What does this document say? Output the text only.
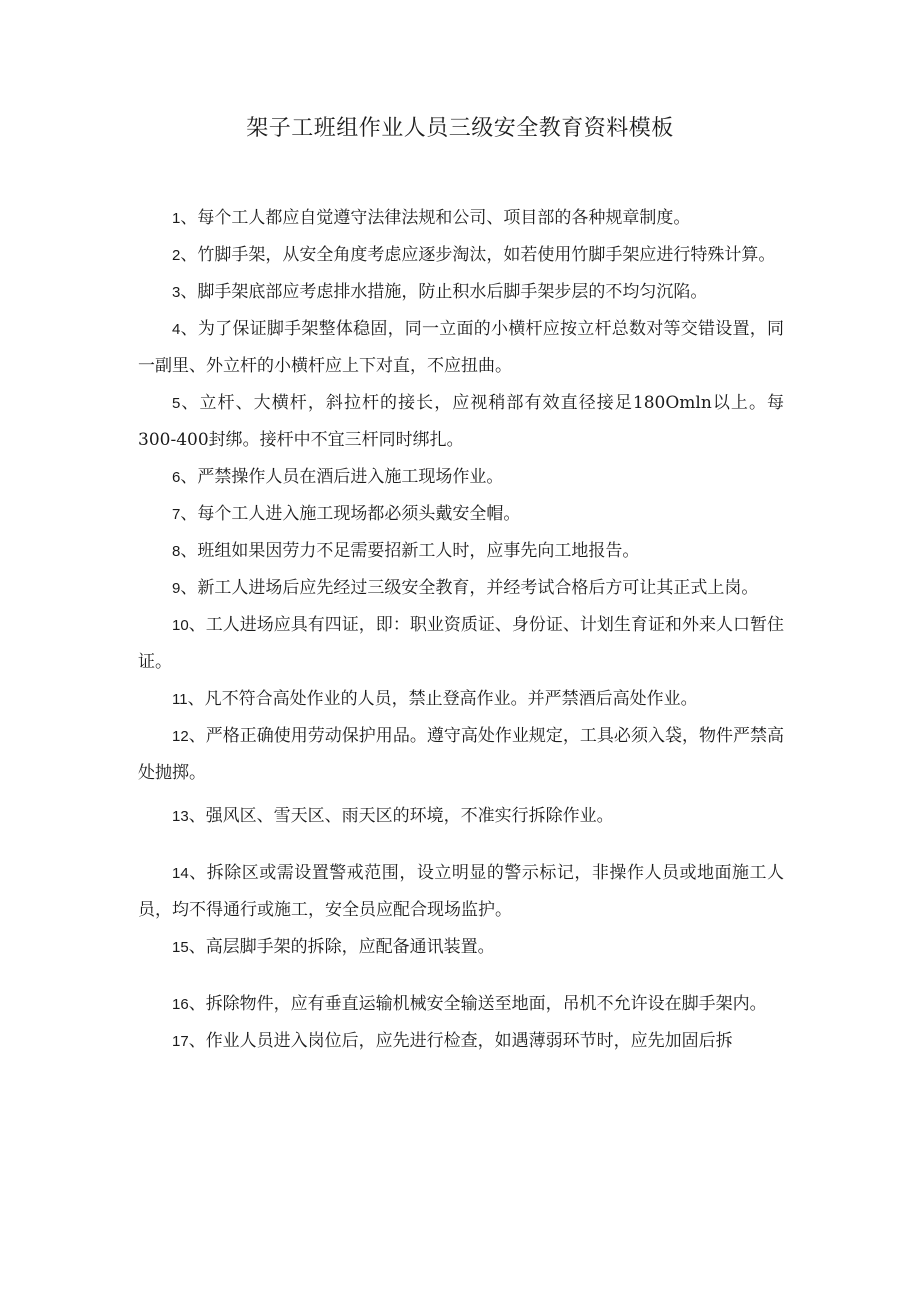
架子工班组作业人员三级安全教育资料模板

1、每个工人都应自觉遵守法律法规和公司、项目部的各种规章制度。

2、竹脚手架，从安全角度考虑应逐步淘汰，如若使用竹脚手架应进行特殊计算。

3、脚手架底部应考虑排水措施，防止积水后脚手架步层的不均匀沉陷。

4、为了保证脚手架整体稳固，同一立面的小横杆应按立杆总数对等交错设置，同一副里、外立杆的小横杆应上下对直，不应扭曲。

5、立杆、大横杆，斜拉杆的接长，应视稍部有效直径接足180Omln以上。每300-400封绑。接杆中不宜三杆同时绑扎。

6、严禁操作人员在酒后进入施工现场作业。

7、每个工人进入施工现场都必须头戴安全帽。

8、班组如果因劳力不足需要招新工人时，应事先向工地报告。

9、新工人进场后应先经过三级安全教育，并经考试合格后方可让其正式上岗。

10、工人进场应具有四证，即：职业资质证、身份证、计划生育证和外来人口暂住证。

11、凡不符合高处作业的人员，禁止登高作业。并严禁酒后高处作业。

12、严格正确使用劳动保护用品。遵守高处作业规定，工具必须入袋，物件严禁高处抛掷。

13、强风区、雪天区、雨天区的环境，不准实行拆除作业。

14、拆除区或需设置警戒范围，设立明显的警示标记，非操作人员或地面施工人员，均不得通行或施工，安全员应配合现场监护。

15、高层脚手架的拆除，应配备通讯装置。

16、拆除物件，应有垂直运输机械安全输送至地面，吊机不允许设在脚手架内。

17、作业人员进入岗位后，应先进行检查，如遇薄弱环节时，应先加固后拆
